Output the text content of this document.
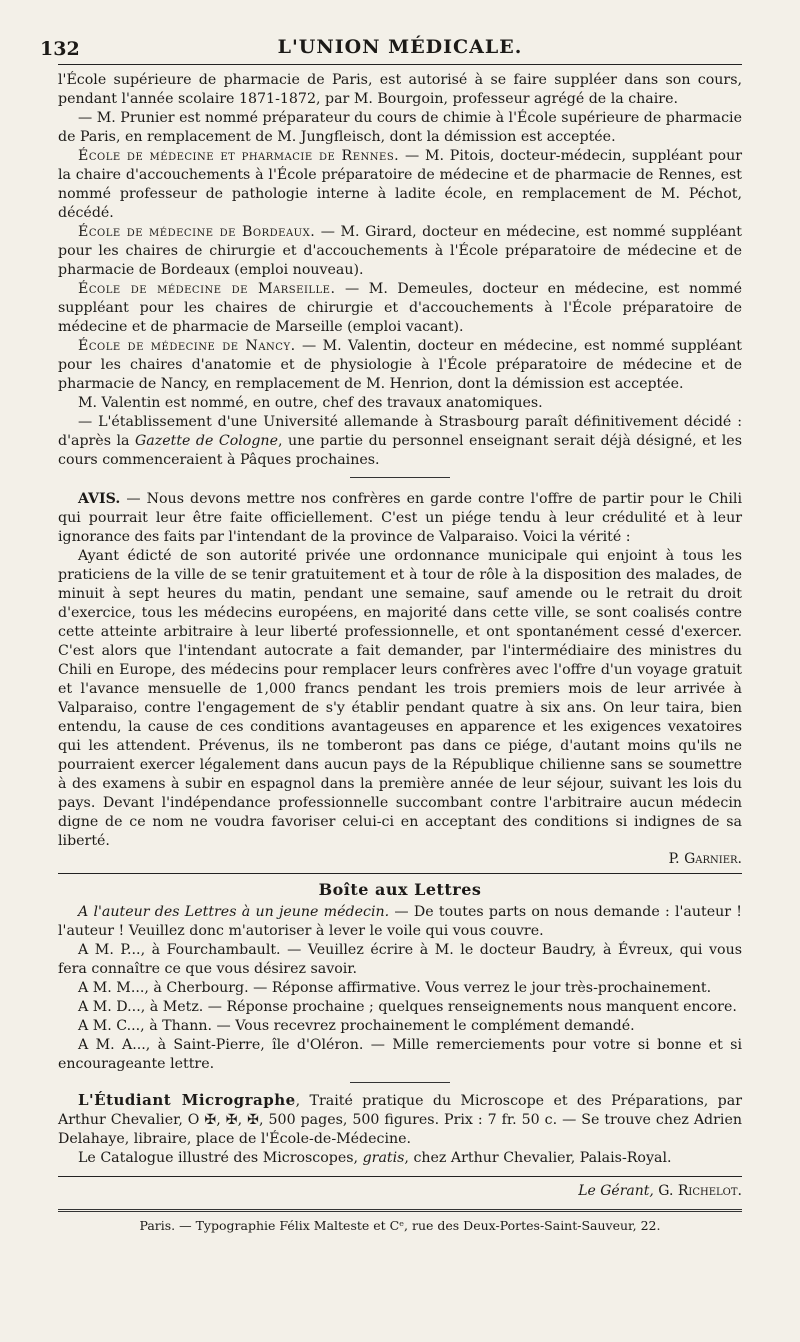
132	L'UNION MÉDICALE.

l'École supérieure de pharmacie de Paris, est autorisé à se faire suppléer dans son cours, pendant l'année scolaire 1871-1872, par M. Bourgoin, professeur agrégé de la chaire.

— M. Prunier est nommé préparateur du cours de chimie à l'École supérieure de pharmacie de Paris, en remplacement de M. Jungfleisch, dont la démission est acceptée.

École de médecine et pharmacie de Rennes. — M. Pitois, docteur-médecin, suppléant pour la chaire d'accouchements à l'École préparatoire de médecine et de pharmacie de Rennes, est nommé professeur de pathologie interne à ladite école, en remplacement de M. Péchot, décédé.

École de médecine de Bordeaux. — M. Girard, docteur en médecine, est nommé suppléant pour les chaires de chirurgie et d'accouchements à l'École préparatoire de médecine et de pharmacie de Bordeaux (emploi nouveau).

École de médecine de Marseille. — M. Demeules, docteur en médecine, est nommé suppléant pour les chaires de chirurgie et d'accouchements à l'École préparatoire de médecine et de pharmacie de Marseille (emploi vacant).

École de médecine de Nancy. — M. Valentin, docteur en médecine, est nommé suppléant pour les chaires d'anatomie et de physiologie à l'École préparatoire de médecine et de pharmacie de Nancy, en remplacement de M. Henrion, dont la démission est acceptée.

M. Valentin est nommé, en outre, chef des travaux anatomiques.

— L'établissement d'une Université allemande à Strasbourg paraît définitivement décidé : d'après la Gazette de Cologne, une partie du personnel enseignant serait déjà désigné, et les cours commenceraient à Pâques prochaines.

AVIS. — Nous devons mettre nos confrères en garde contre l'offre de partir pour le Chili qui pourrait leur être faite officiellement. C'est un piége tendu à leur crédulité et à leur ignorance des faits par l'intendant de la province de Valparaiso. Voici la vérité :

Ayant édicté de son autorité privée une ordonnance municipale qui enjoint à tous les praticiens de la ville de se tenir gratuitement et à tour de rôle à la disposition des malades, de minuit à sept heures du matin, pendant une semaine, sauf amende ou le retrait du droit d'exercice, tous les médecins européens, en majorité dans cette ville, se sont coalisés contre cette atteinte arbitraire à leur liberté professionnelle, et ont spontanément cessé d'exercer. C'est alors que l'intendant autocrate a fait demander, par l'intermédiaire des ministres du Chili en Europe, des médecins pour remplacer leurs confrères avec l'offre d'un voyage gratuit et l'avance mensuelle de 1,000 francs pendant les trois premiers mois de leur arrivée à Valparaiso, contre l'engagement de s'y établir pendant quatre à six ans. On leur taira, bien entendu, la cause de ces conditions avantageuses en apparence et les exigences vexatoires qui les attendent. Prévenus, ils ne tomberont pas dans ce piége, d'autant moins qu'ils ne pourraient exercer légalement dans aucun pays de la République chilienne sans se soumettre à des examens à subir en espagnol dans la première année de leur séjour, suivant les lois du pays. Devant l'indépendance professionnelle succombant contre l'arbitraire aucun médecin digne de ce nom ne voudra favoriser celui-ci en acceptant des conditions si indignes de sa liberté.

P. Garnier.
Boîte aux Lettres

A l'auteur des Lettres à un jeune médecin. — De toutes parts on nous demande : l'auteur ! l'auteur ! Veuillez donc m'autoriser à lever le voile qui vous couvre.

A M. P..., à Fourchambault. — Veuillez écrire à M. le docteur Baudry, à Évreux, qui vous fera connaître ce que vous désirez savoir.

A M. M..., à Cherbourg. — Réponse affirmative. Vous verrez le jour très-prochainement.

A M. D..., à Metz. — Réponse prochaine ; quelques renseignements nous manquent encore.

A M. C..., à Thann. — Vous recevrez prochainement le complément demandé.

A M. A..., à Saint-Pierre, île d'Oléron. — Mille remerciements pour votre si bonne et si encourageante lettre.

L'Étudiant Micrographe, Traité pratique du Microscope et des Préparations, par Arthur Chevalier, O ✠, ✠, ✠, 500 pages, 500 figures. Prix : 7 fr. 50 c. — Se trouve chez Adrien Delahaye, libraire, place de l'École-de-Médecine.

Le Catalogue illustré des Microscopes, gratis, chez Arthur Chevalier, Palais-Royal.

Le Gérant, G. Richelot.
Paris. — Typographie Félix Malteste et Cᵉ, rue des Deux-Portes-Saint-Sauveur, 22.
